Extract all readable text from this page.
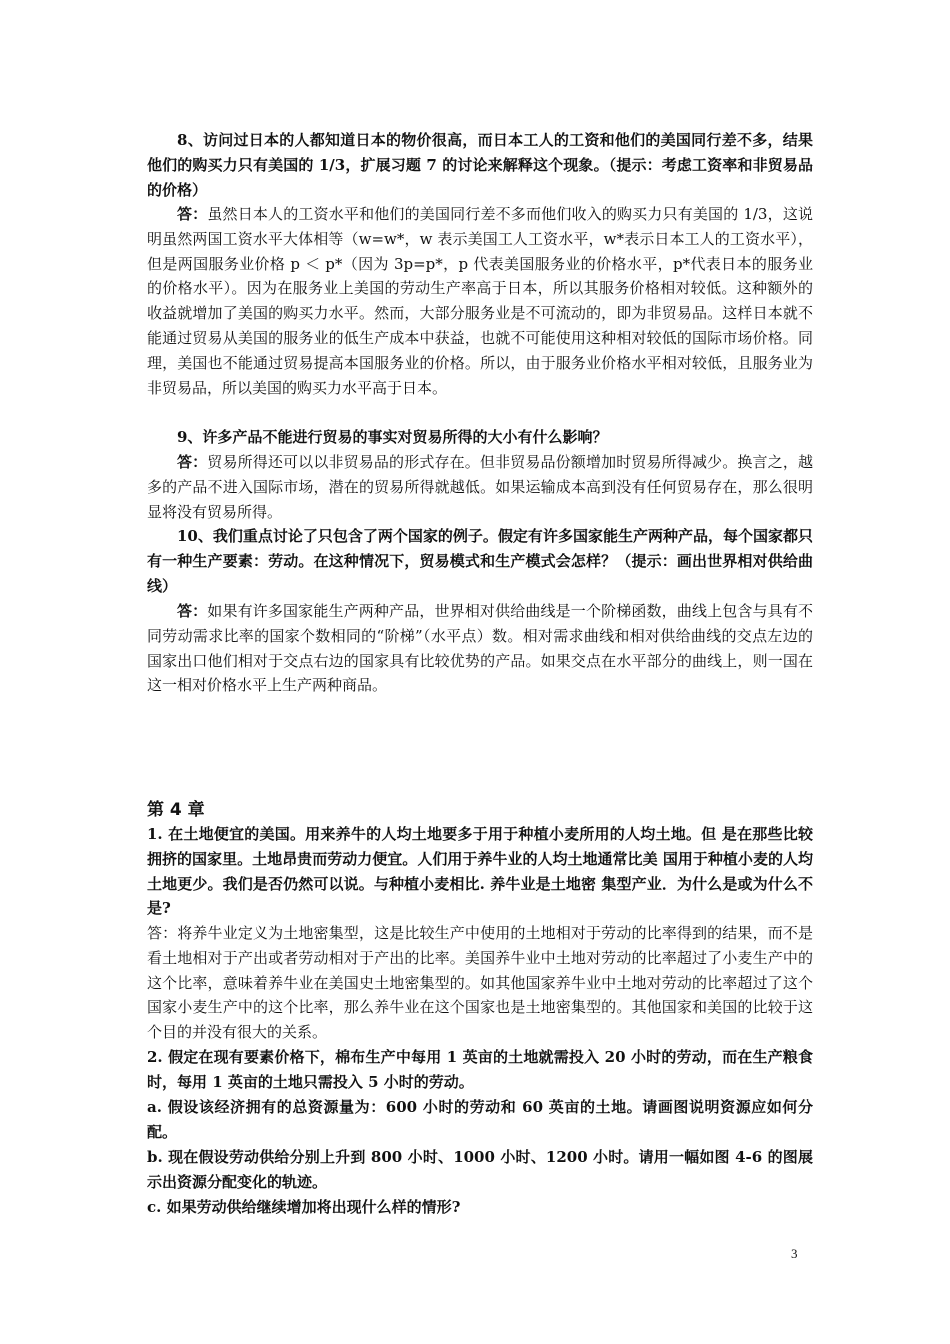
8、访问过日本的人都知道日本的物价很高，而日本工人的工资和他们的美国同行差不多，结果他们的购买力只有美国的 1/3，扩展习题 7 的讨论来解释这个现象。（提示：考虑工资率和非贸易品的价格）

答：虽然日本人的工资水平和他们的美国同行差不多而他们收入的购买力只有美国的 1/3，这说明虽然两国工资水平大体相等（w=w*，w 表示美国工人工资水平，w*表示日本工人的工资水平），但是两国服务业价格 p ＜ p*（因为 3p=p*，p 代表美国服务业的价格水平，p*代表日本的服务业的价格水平）。因为在服务业上美国的劳动生产率高于日本，所以其服务价格相对较低。这种额外的收益就增加了美国的购买力水平。然而，大部分服务业是不可流动的，即为非贸易品。这样日本就不能通过贸易从美国的服务业的低生产成本中获益，也就不可能使用这种相对较低的国际市场价格。同理，美国也不能通过贸易提高本国服务业的价格。所以，由于服务业价格水平相对较低，且服务业为非贸易品，所以美国的购买力水平高于日本。

9、许多产品不能进行贸易的事实对贸易所得的大小有什么影响？

答：贸易所得还可以以非贸易品的形式存在。但非贸易品份额增加时贸易所得减少。换言之，越多的产品不进入国际市场，潜在的贸易所得就越低。如果运输成本高到没有任何贸易存在，那么很明显将没有贸易所得。

10、我们重点讨论了只包含了两个国家的例子。假定有许多国家能生产两种产品，每个国家都只有一种生产要素：劳动。在这种情况下，贸易模式和生产模式会怎样？（提示：画出世界相对供给曲线）

答：如果有许多国家能生产两种产品，世界相对供给曲线是一个阶梯函数，曲线上包含与具有不同劳动需求比率的国家个数相同的“阶梯”（水平点）数。相对需求曲线和相对供给曲线的交点左边的国家出口他们相对于交点右边的国家具有比较优势的产品。如果交点在水平部分的曲线上，则一国在这一相对价格水平上生产两种商品。

第 4 章

1. 在土地便宜的美国。用来养牛的人均土地要多于用于种植小麦所用的人均土地。但 是在那些比较拥挤的国家里。土地昂贵而劳动力便宜。人们用于养牛业的人均土地通常比美 国用于种植小麦的人均土地更少。我们是否仍然可以说。与种植小麦相比. 养牛业是土地密 集型产业．为什么是或为什么不是?

答：将养牛业定义为土地密集型，这是比较生产中使用的土地相对于劳动的比率得到的结果，而不是看土地相对于产出或者劳动相对于产出的比率。美国养牛业中土地对劳动的比率超过了小麦生产中的这个比率，意味着养牛业在美国史土地密集型的。如其他国家养牛业中土地对劳动的比率超过了这个国家小麦生产中的这个比率，那么养牛业在这个国家也是土地密集型的。其他国家和美国的比较于这个目的并没有很大的关系。

2. 假定在现有要素价格下，棉布生产中每用 1 英亩的土地就需投入 20 小时的劳动，而在生产粮食时，每用 1 英亩的土地只需投入 5 小时的劳动。

a. 假设该经济拥有的总资源量为：600 小时的劳动和 60 英亩的土地。请画图说明资源应如何分配。

b. 现在假设劳动供给分别上升到 800 小时、1000 小时、1200 小时。请用一幅如图 4-6 的图展示出资源分配变化的轨迹。

c. 如果劳动供给继续增加将出现什么样的情形?

3
